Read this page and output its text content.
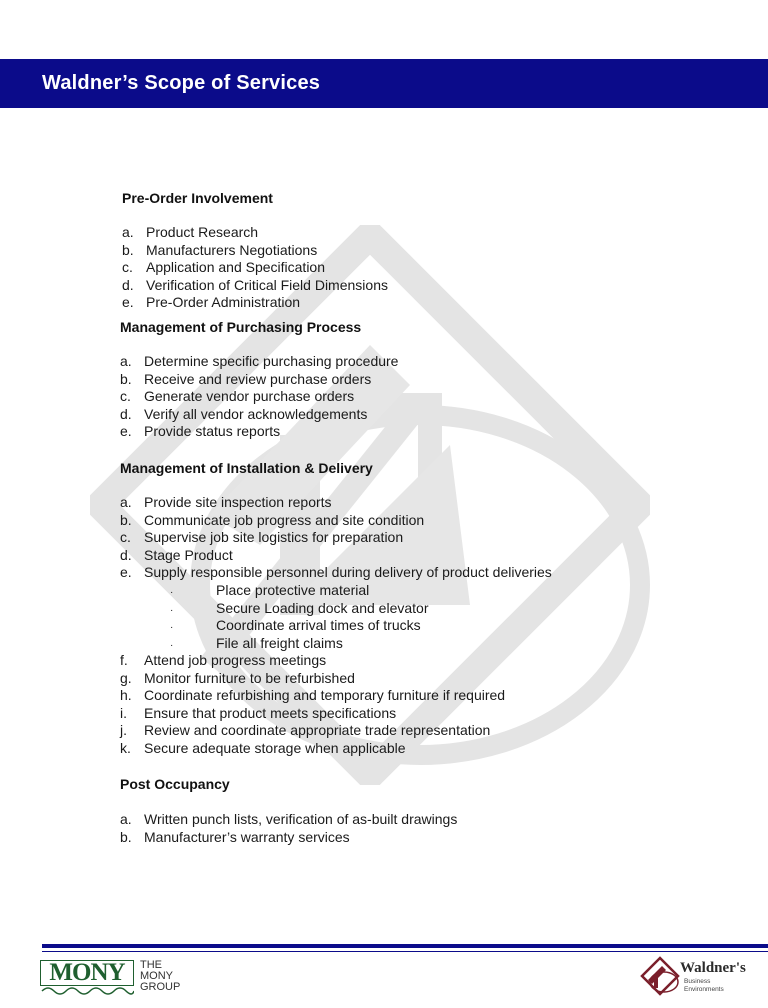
Waldner’s Scope of Services
Pre-Order Involvement
a. Product Research
b. Manufacturers Negotiations
c. Application and Specification
d. Verification of Critical Field Dimensions
e. Pre-Order Administration
Management of Purchasing Process
a. Determine specific purchasing procedure
b. Receive and review purchase orders
c. Generate vendor purchase orders
d. Verify all vendor acknowledgements
e. Provide status reports
Management of Installation & Delivery
a. Provide site inspection reports
b. Communicate job progress and site condition
c. Supervise job site logistics for preparation
d. Stage Product
e. Supply responsible personnel during delivery of product deliveries
·	Place protective material
·	Secure Loading dock and elevator
·	Coordinate arrival times of trucks
·	File all freight claims
f. Attend job progress meetings
g. Monitor furniture to be refurbished
h. Coordinate refurbishing and temporary furniture if required
i. Ensure that product meets specifications
j. Review and coordinate appropriate trade representation
k. Secure adequate storage when applicable
Post Occupancy
a. Written punch lists, verification of as-built drawings
b. Manufacturer’s warranty services
MONY	THE
MONY
GROUP
Waldner's
Business
Environments
